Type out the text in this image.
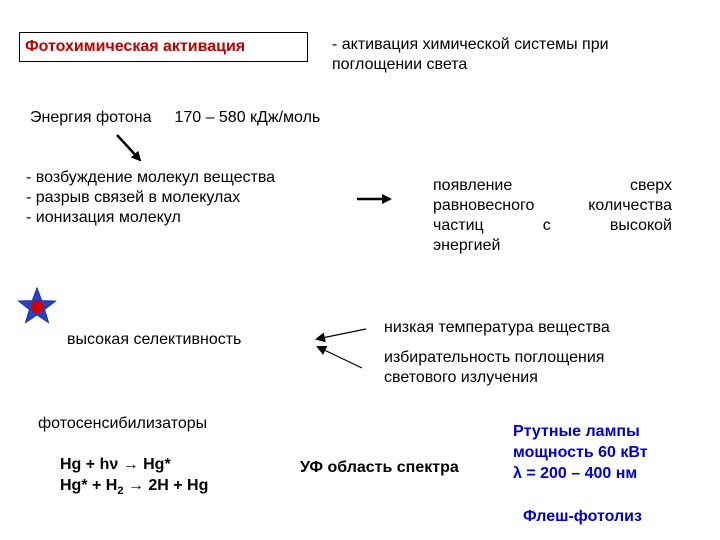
Фотохимическая активация	- активация химической системы при
поглощении света
Энергия фотона 170 – 580 кДж/моль
- возбуждение молекул вещества
- разрыв связей в молекулах
- ионизация молекул
появление сверх
равновесного количества
частиц с высокой
энергией
высокая селективность
низкая температура вещества
избирательность поглощения
светового излучения
фотосенсибилизаторы
Hg + hν → Hg*
$Hg* + H_2 \to 2H + Hg$
УФ область спектра
Ртутные лампы
мощность 60 кВт
λ = 200 – 400 нм
Флеш-фотолиз
